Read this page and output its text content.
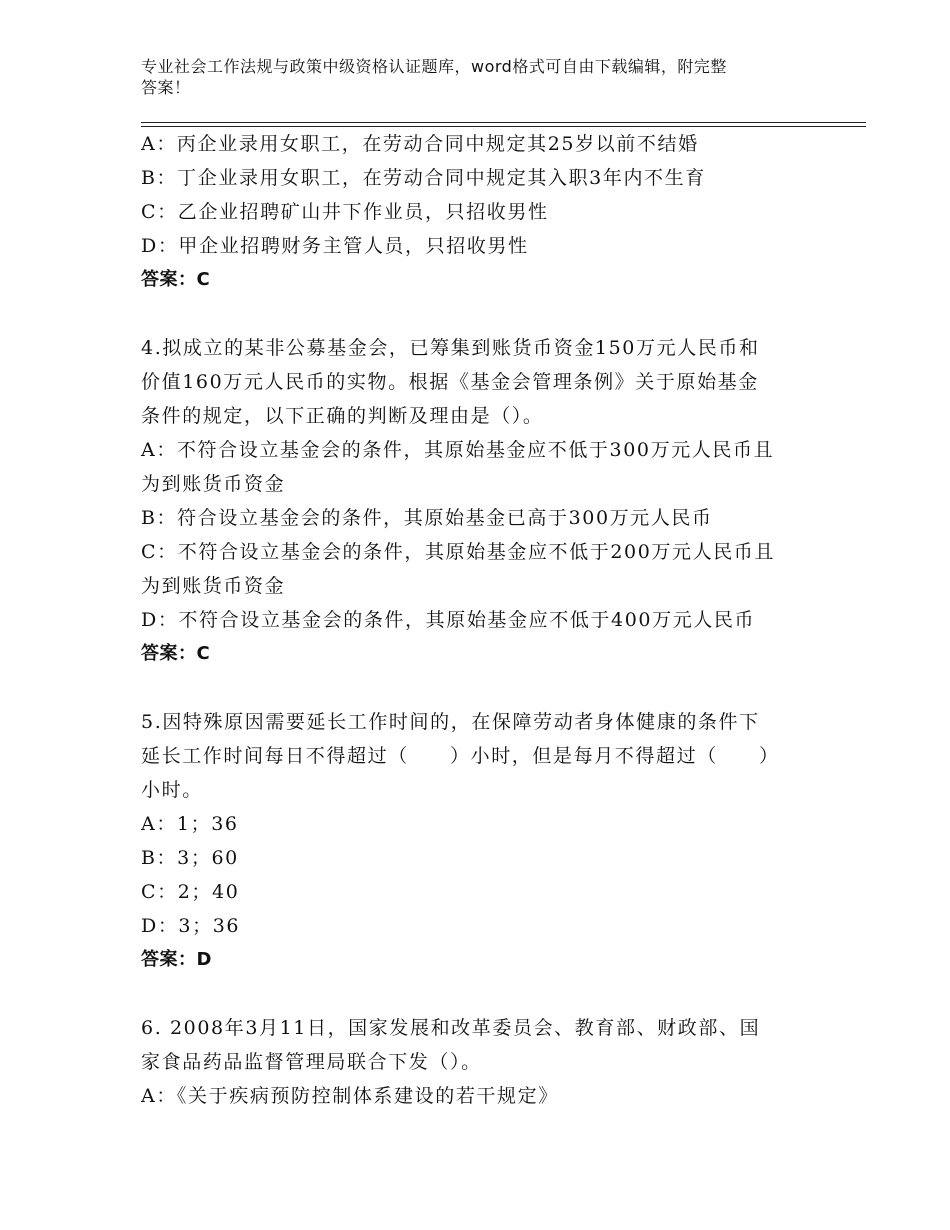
专业社会工作法规与政策中级资格认证题库，word格式可自由下载编辑，附完整
答案！
A：丙企业录用女职工，在劳动合同中规定其25岁以前不结婚
B：丁企业录用女职工，在劳动合同中规定其入职3年内不生育
C：乙企业招聘矿山井下作业员，只招收男性
D：甲企业招聘财务主管人员，只招收男性
答案：C
4.拟成立的某非公募基金会，已筹集到账货币资金150万元人民币和
价值160万元人民币的实物。根据《基金会管理条例》关于原始基金
条件的规定，以下正确的判断及理由是（）。
A：不符合设立基金会的条件，其原始基金应不低于300万元人民币且
为到账货币资金
B：符合设立基金会的条件，其原始基金已高于300万元人民币
C：不符合设立基金会的条件，其原始基金应不低于200万元人民币且
为到账货币资金
D：不符合设立基金会的条件，其原始基金应不低于400万元人民币
答案：C
5.因特殊原因需要延长工作时间的，在保障劳动者身体健康的条件下
延长工作时间每日不得超过（　　）小时，但是每月不得超过（　　）
小时。
A：1；36
B：3；60
C：2；40
D：3；36
答案：D
6. 2008年3月11日，国家发展和改革委员会、教育部、财政部、国
家食品药品监督管理局联合下发（）。
A：《关于疾病预防控制体系建设的若干规定》
